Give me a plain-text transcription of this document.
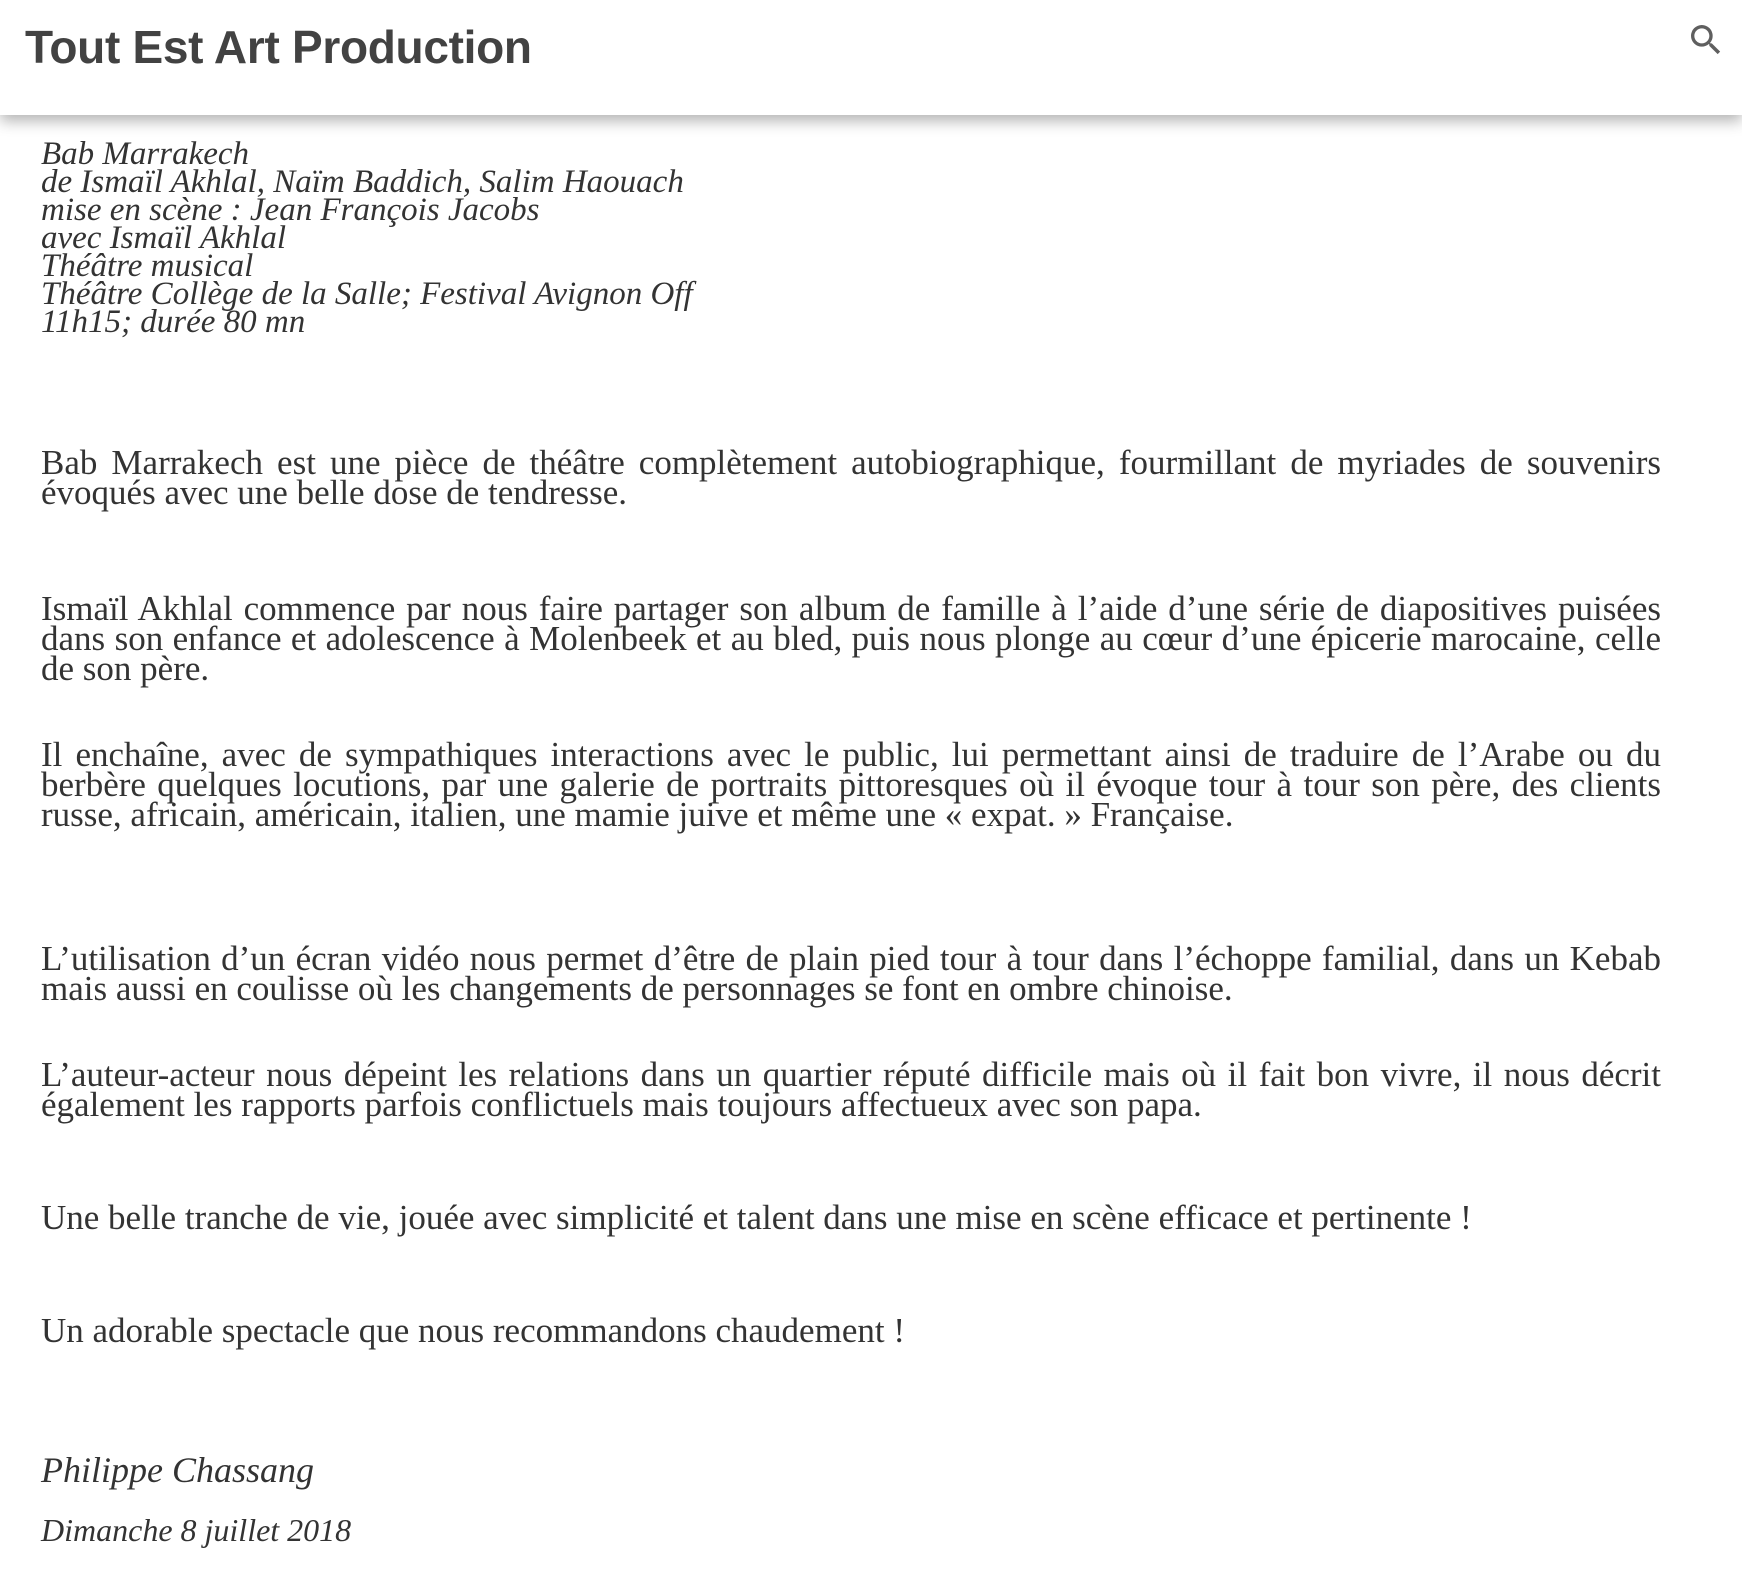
Tout Est Art Production
Bab Marrakech
de Ismaïl Akhlal, Naïm Baddich, Salim Haouach
mise en scène : Jean François Jacobs
avec Ismaïl Akhlal
Théâtre musical
Théâtre Collège de la Salle; Festival Avignon Off
11h15; durée 80 mn

Bab Marrakech est une pièce de théâtre complètement autobiographique, fourmillant de myriades de souvenirs évoqués avec une belle dose de tendresse.

Ismaïl Akhlal commence par nous faire partager son album de famille à l’aide d’une série de diapositives puisées dans son enfance et adolescence à Molenbeek et au bled, puis nous plonge au cœur d’une épicerie marocaine, celle de son père.

Il enchaîne, avec de sympathiques interactions avec le public, lui permettant ainsi de traduire de l’Arabe ou du berbère quelques locutions, par une galerie de portraits pittoresques où il évoque tour à tour son père, des clients russe, africain, américain, italien, une mamie juive et même une « expat. » Française.

L’utilisation d’un écran vidéo nous permet d’être de plain pied tour à tour dans l’échoppe familial, dans un Kebab mais aussi en coulisse où les changements de personnages se font en ombre chinoise.

L’auteur-acteur nous dépeint les relations dans un quartier réputé difficile mais où il fait bon vivre, il nous décrit également les rapports parfois conflictuels mais toujours affectueux avec son papa.

Une belle tranche de vie, jouée avec simplicité et talent dans une mise en scène efficace et pertinente !

Un adorable spectacle que nous recommandons chaudement !

Philippe Chassang

Dimanche 8 juillet 2018
